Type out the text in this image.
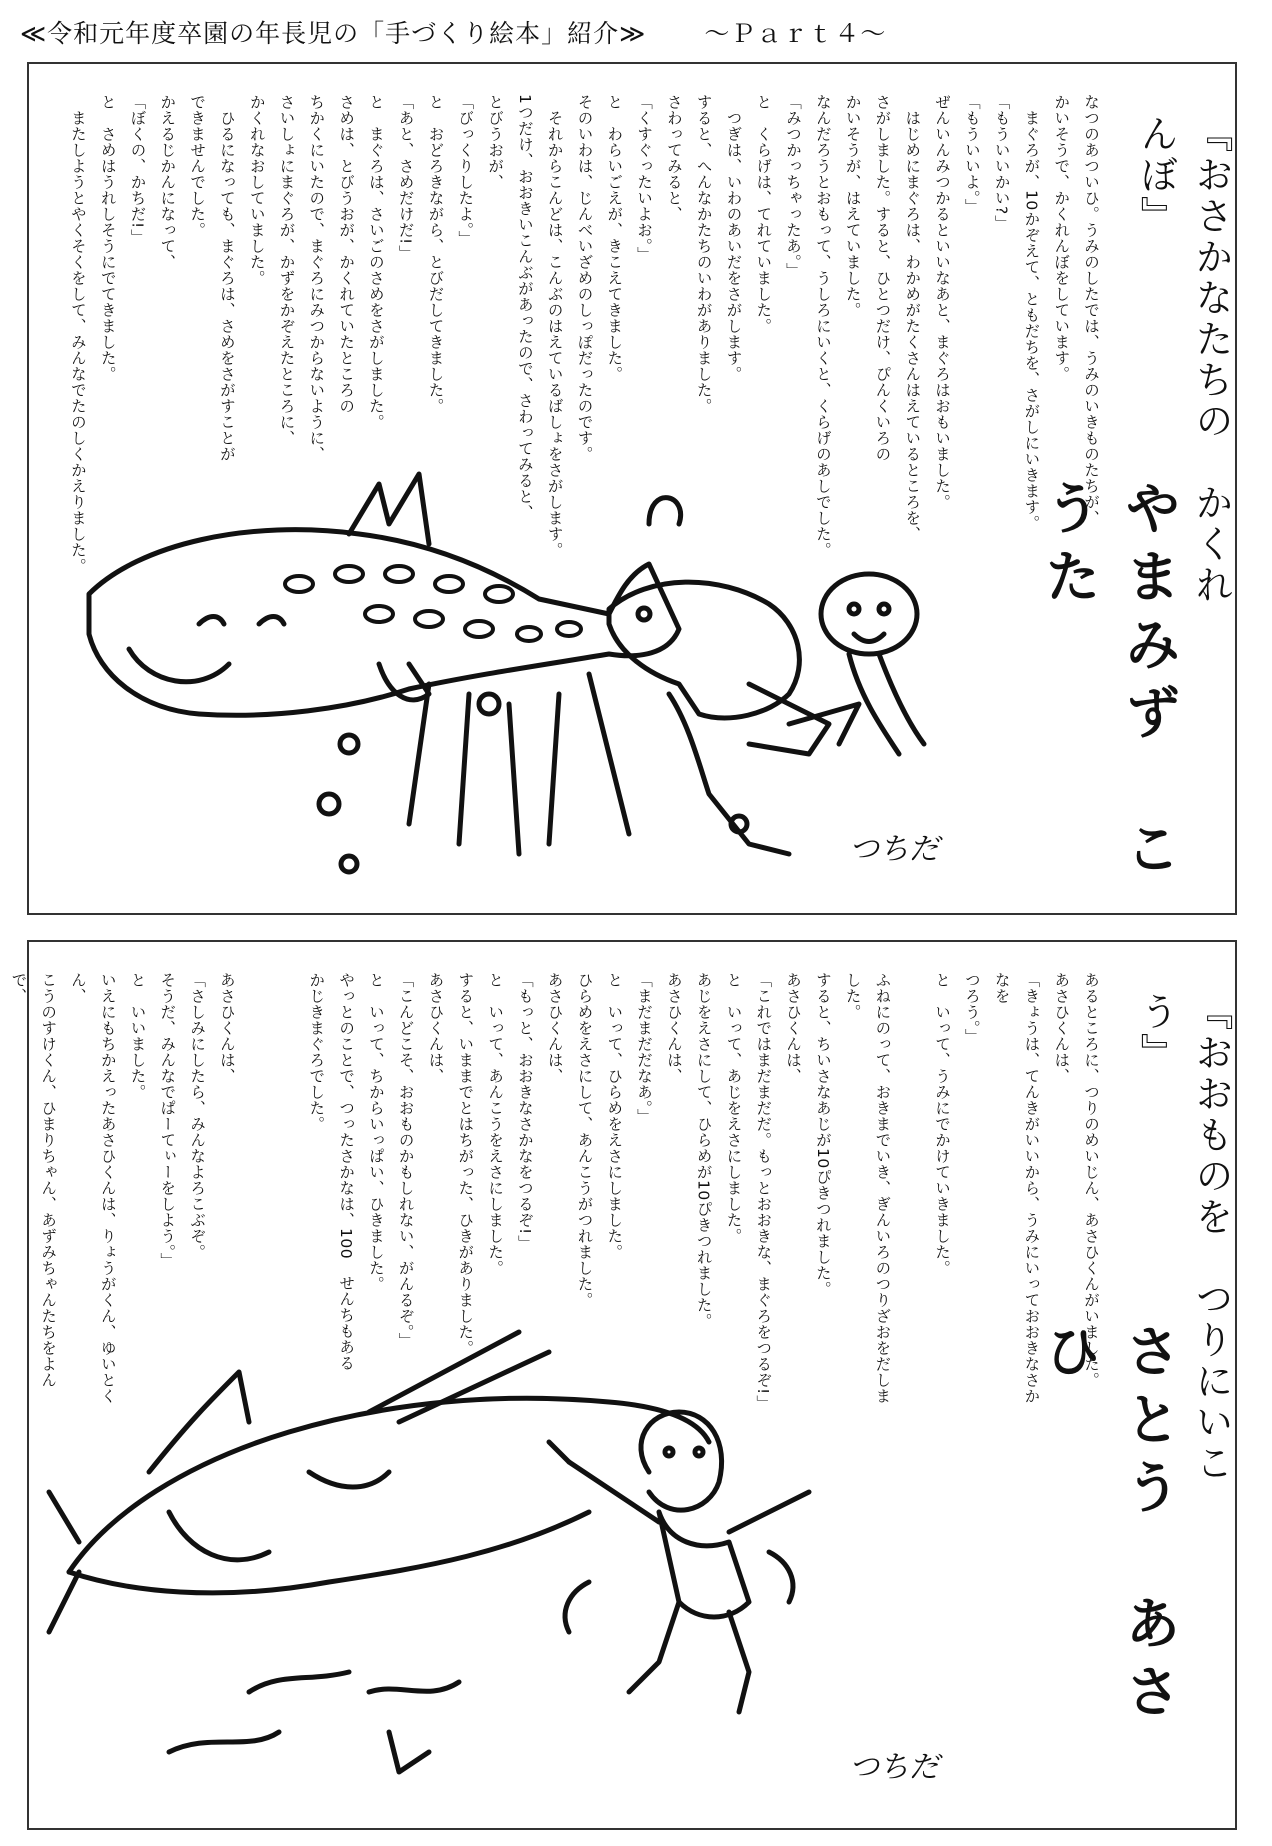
≪令和元年度卒園の年長児の「手づくり絵本」紹介≫ 〜Ｐａｒｔ４〜
『おさかなたちの　かくれんぼ』
やまみず　こうた
なつのあついひ。うみのしたでは、うみのいきものたちが、
かいそうで、かくれんぼをしています。
　まぐろが、10かぞえて、ともだちを、さがしにいきます。
「もういいかい?」
「もういいよ。」
ぜんいんみつかるといいなあと、まぐろはおもいました。
　はじめにまぐろは、わかめがたくさんはえているところを、
さがしました。すると、ひとつだけ、ぴんくいろの
かいそうが、はえていました。
なんだろうとおもって、うしろにいくと、くらげのあしでした。
「みつかっちゃったあ。」
と　くらげは、てれていました。
　つぎは、いわのあいだをさがします。
すると、へんなかたちのいわがありました。
さわってみると、
「くすぐったいよお。」
と　わらいごえが、きこえてきました。
そのいわは、じんべいざめのしっぽだったのです。
　それからこんどは、こんぶのはえているばしょをさがします。
1つだけ、おおきいこんぶがあったので、さわってみると、
とびうおが、
「びっくりしたよ。」
と　おどろきながら、とびだしてきました。
「あと、さめだけだ!」
と　まぐろは、さいごのさめをさがしました。
さめは、とびうおが、かくれていたところの
ちかくにいたので、まぐろにみつからないように、
さいしょにまぐろが、かずをかぞえたところに、
かくれなおしていました。
　ひるになっても、まぐろは、さめをさがすことが
できませんでした。
かえるじかんになって、
「ぼくの、かちだ!」
と　さめはうれしそうにでてきました。
　またしようとやくそくをして、みんなでたのしくかえりました。
つちだ
『おおものを　つりにいこう』
さとう　あさひ
あるところに、つりのめいじん、あさひくんがいました。
あさひくんは、
「きょうは、てんきがいいから、うみにいっておおきなさかなを
つろう。」
と　いって、うみにでかけていきました。

ふねにのって、おきまでいき、ぎんいろのつりざおをだしました。
すると、ちいさなあじが10ぴきつれました。
あさひくんは、
「これではまだまだだ。もっとおおきな、まぐろをつるぞ!」
と　いって、あじをえさにしました。
あじをえさにして、ひらめが10ぴきつれました。
あさひくんは、
「まだまだだなあ。」
と　いって、ひらめをえさにしました。
ひらめをえさにして、あんこうがつれました。
あさひくんは、
「もっと、おおきなさかなをつるぞ!」
と　いって、あんこうをえさにしました。
すると、いままでとはちがった、ひきがありました。
あさひくんは、
「こんどこそ、おおものかもしれない、がんるぞ。」
と　いって、ちからいっぱい、ひきました。
やっとのことで、つったさかなは、100　せんちもある
かじきまぐろでした。

あさひくんは、
「さしみにしたら、みんなよろこぶぞ。
そうだ、みんなでぱーてぃーをしよう。」
と　いいました。
いえにもちかえったあさひくんは、りょうがくん、ゆいとくん、
こうのすけくん、ひまりちゃん、あずみちゃんたちをよんで、

つちだ
